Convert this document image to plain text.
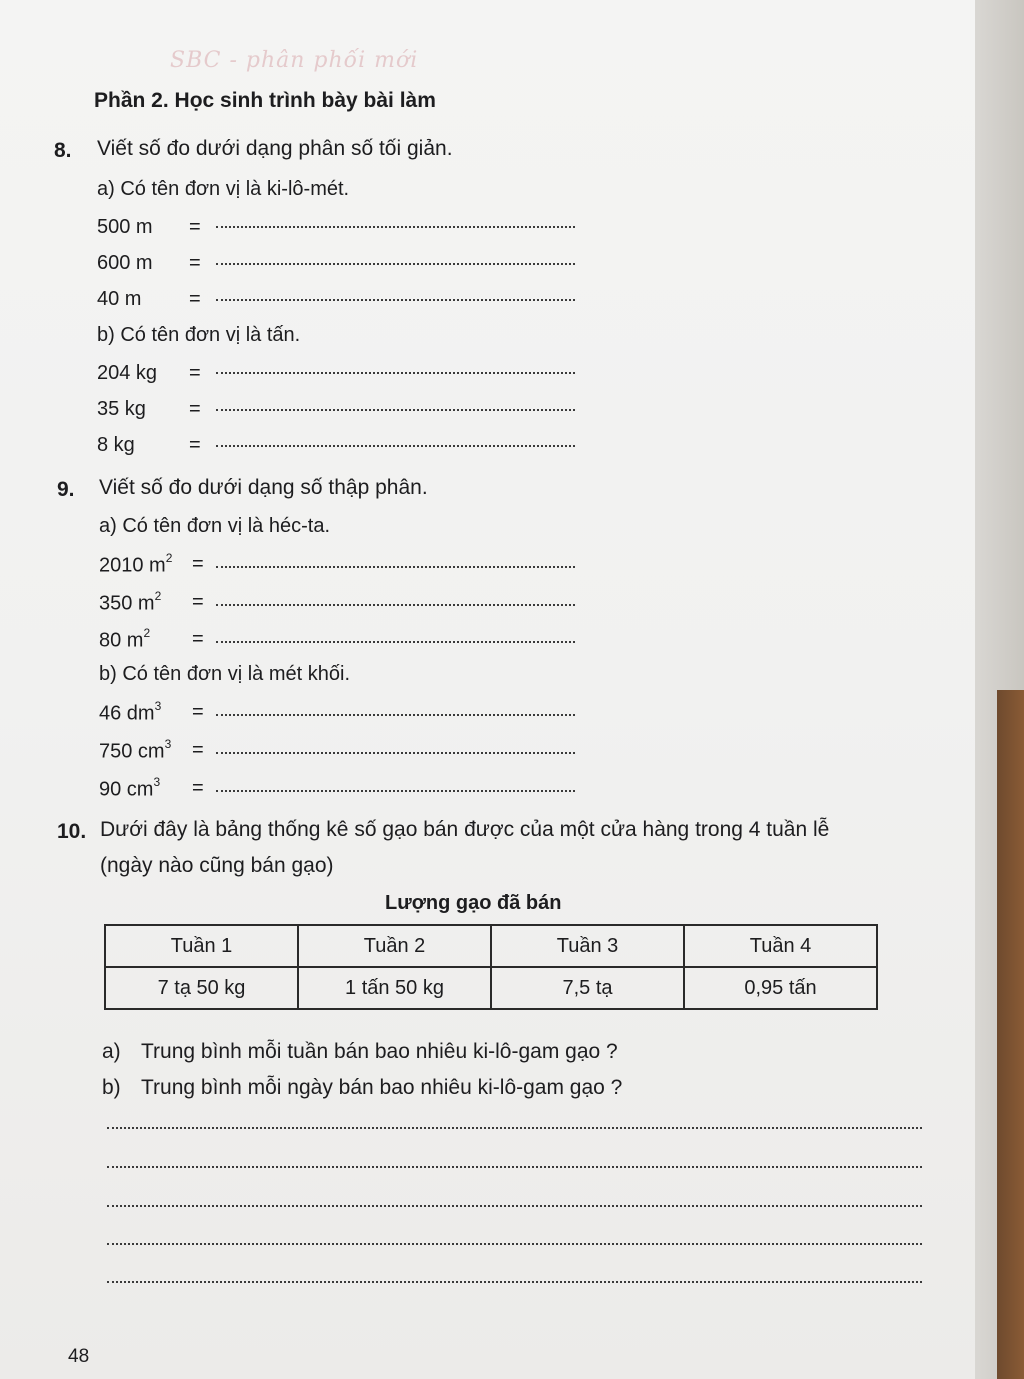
SBC - phân phối mới
Phần 2. Học sinh trình bày bài làm
8. Viết số đo dưới dạng phân số tối giản.
a) Có tên đơn vị là ki-lô-mét.
500 m =
600 m =
40 m =
b) Có tên đơn vị là tấn.
204 kg =
35 kg =
8 kg	=
9. Viết số đo dưới dạng số thập phân.
a) Có tên đơn vị là héc-ta.
2010 $m^2$ =
350 $m^2$ =
80 $m^2$ =
b) Có tên đơn vị là mét khối.
46 $dm^3$ =
750 $cm^3$ =
90 $cm^3$ =
10. Dưới đây là bảng thống kê số gạo bán được của một cửa hàng trong 4 tuần lễ
(ngày nào cũng bán gạo)
Lượng gạo đã bán
Tuần 1	Tuần 2	Tuần 3	Tuần 4
7 tạ 50 kg	1 tấn 50 kg	7,5 tạ	0,95 tấn
a) Trung bình mỗi tuần bán bao nhiêu ki-lô-gam gạo ?
b) Trung bình mỗi ngày bán bao nhiêu ki-lô-gam gạo ?
48
